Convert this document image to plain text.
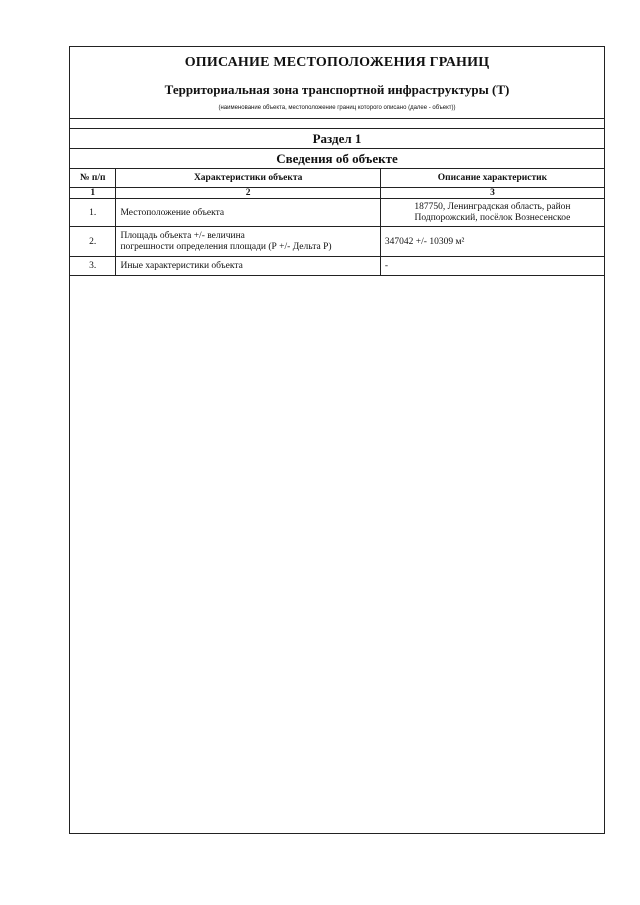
ОПИСАНИЕ МЕСТОПОЛОЖЕНИЯ ГРАНИЦ
Территориальная зона транспортной инфраструктуры (Т)
(наименование объекта, местоположение границ которого описано (далее - объект))
Раздел 1
Сведения об объекте
№ п/п	Характеристики объекта	Описание характеристик
1	2	3
1.	Местоположение объекта	187750, Ленинградская область, район
Подпорожский, посёлок Вознесенское

2.	Площадь объекта +/- величина
погрешности определения площади (Р +/- Дельта Р)	347042 +/- 10309 м²
3.	Иные характеристики объекта	-
